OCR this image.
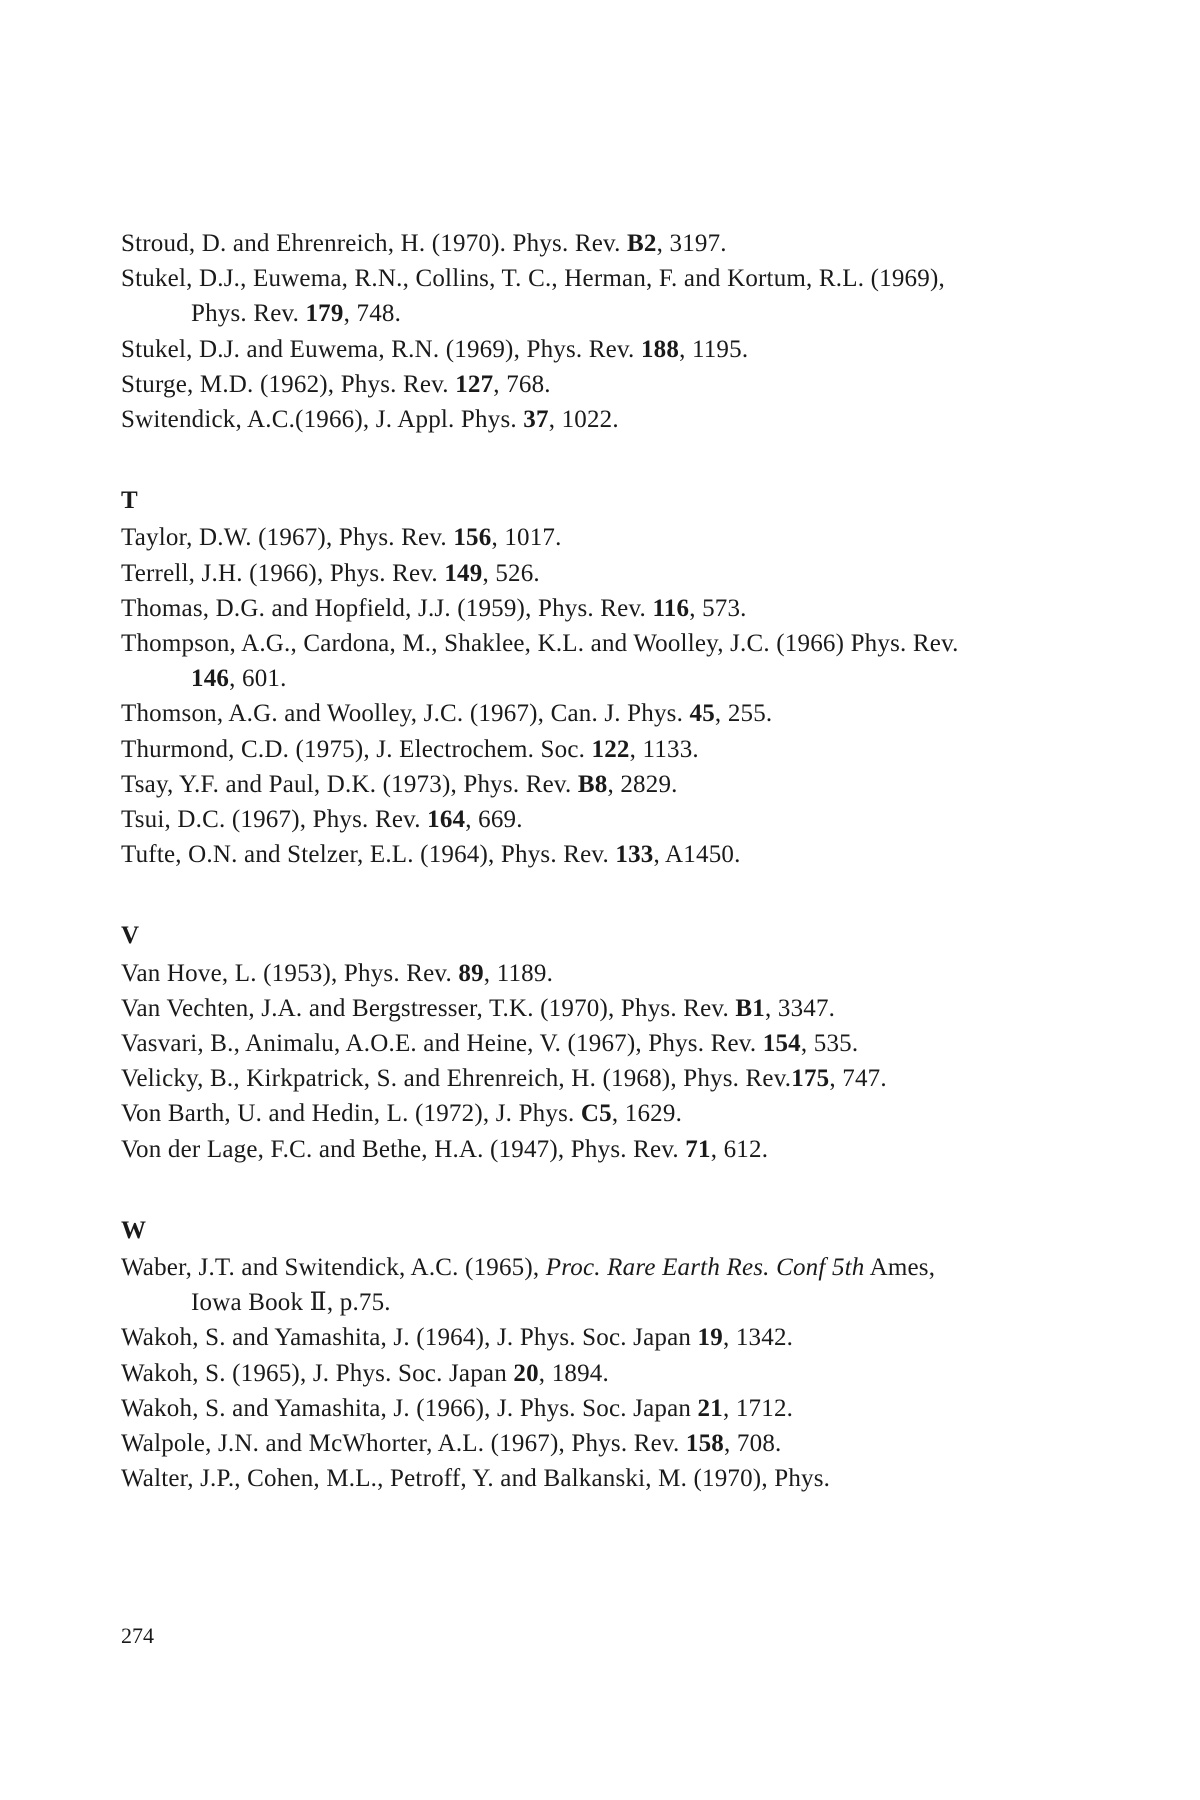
Stroud, D. and Ehrenreich, H. (1970). Phys. Rev. B2, 3197.

Stukel, D.J., Euwema, R.N., Collins, T. C., Herman, F. and Kortum, R.L. (1969), Phys. Rev. 179, 748.

Stukel, D.J. and Euwema, R.N. (1969), Phys. Rev. 188, 1195.

Sturge, M.D. (1962), Phys. Rev. 127, 768.

Switendick, A.C.(1966), J. Appl. Phys. 37, 1022.

T

Taylor, D.W. (1967), Phys. Rev. 156, 1017.

Terrell, J.H. (1966), Phys. Rev. 149, 526.

Thomas, D.G. and Hopfield, J.J. (1959), Phys. Rev. 116, 573.

Thompson, A.G., Cardona, M., Shaklee, K.L. and Woolley, J.C. (1966) Phys. Rev. 146, 601.

Thomson, A.G. and Woolley, J.C. (1967), Can. J. Phys. 45, 255.

Thurmond, C.D. (1975), J. Electrochem. Soc. 122, 1133.

Tsay, Y.F. and Paul, D.K. (1973), Phys. Rev. B8, 2829.

Tsui, D.C. (1967), Phys. Rev. 164, 669.

Tufte, O.N. and Stelzer, E.L. (1964), Phys. Rev. 133, A1450.

V

Van Hove, L. (1953), Phys. Rev. 89, 1189.

Van Vechten, J.A. and Bergstresser, T.K. (1970), Phys. Rev. B1, 3347.

Vasvari, B., Animalu, A.O.E. and Heine, V. (1967), Phys. Rev. 154, 535.

Velicky, B., Kirkpatrick, S. and Ehrenreich, H. (1968), Phys. Rev.175, 747.

Von Barth, U. and Hedin, L. (1972), J. Phys. C5, 1629.

Von der Lage, F.C. and Bethe, H.A. (1947), Phys. Rev. 71, 612.

W

Waber, J.T. and Switendick, A.C. (1965), Proc. Rare Earth Res. Conf 5th Ames, Iowa Book Ⅱ, p.75.

Wakoh, S. and Yamashita, J. (1964), J. Phys. Soc. Japan 19, 1342.

Wakoh, S. (1965), J. Phys. Soc. Japan 20, 1894.

Wakoh, S. and Yamashita, J. (1966), J. Phys. Soc. Japan 21, 1712.

Walpole, J.N. and McWhorter, A.L. (1967), Phys. Rev. 158, 708.

Walter, J.P., Cohen, M.L., Petroff, Y. and Balkanski, M. (1970), Phys.

274
